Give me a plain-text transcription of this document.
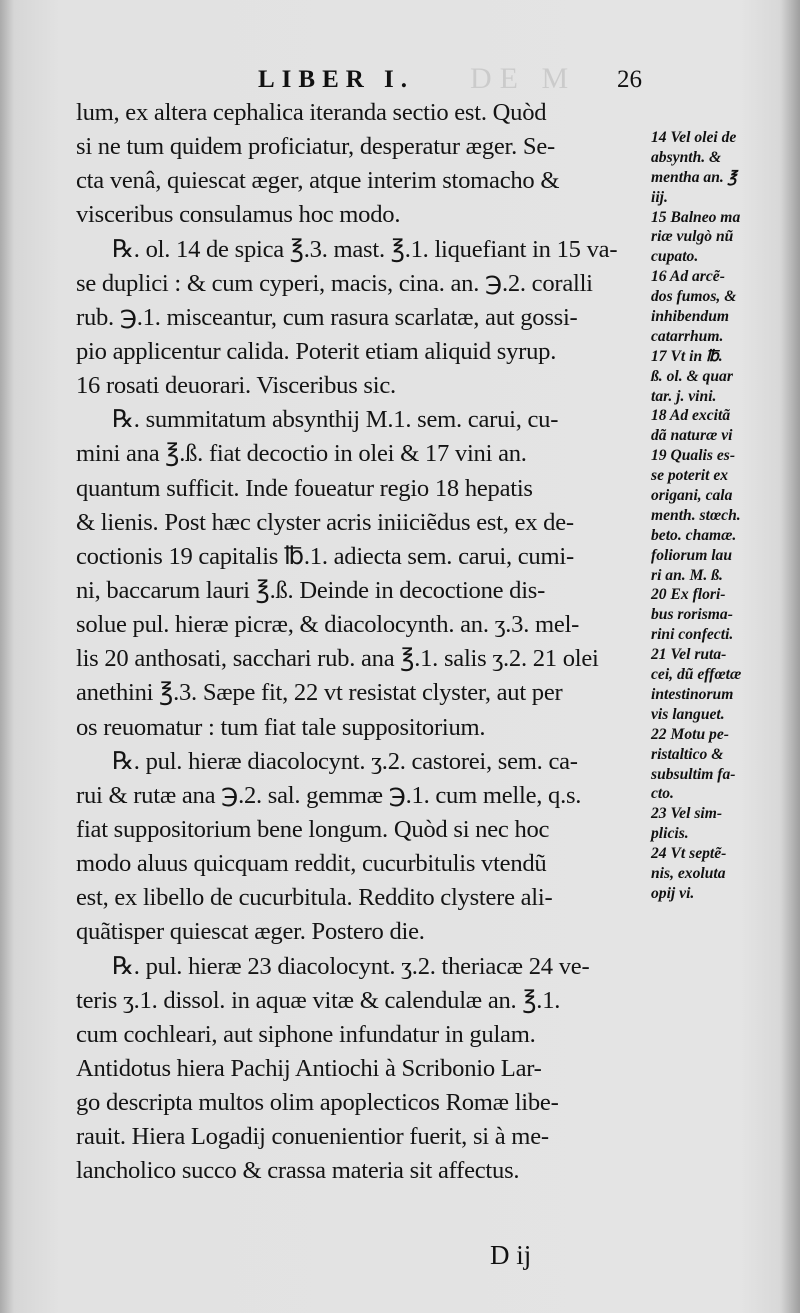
DE M
LIBER I.	26
lum, ex altera cephalica iteranda sectio est. Quòd
si ne tum quidem proficiatur, desperatur æger. Se-
cta venâ, quiescat æger, atque interim stomacho &
visceribus consulamus hoc modo.
℞. ol. 14 de spica ℥.3. mast. ℥.1. liquefiant in 15 va-
se duplici : & cum cyperi, macis, cina. an. ℈.2. coralli
rub. ℈.1. misceantur, cum rasura scarlatæ, aut gossi-
pio applicentur calida. Poterit etiam aliquid syrup.
16 rosati deuorari. Visceribus sic.
℞. summitatum absynthij M.1. sem. carui, cu-
mini ana ℥.ß. fiat decoctio in olei & 17 vini an.
quantum sufficit. Inde foueatur regio 18 hepatis
& lienis. Post hæc clyster acris iniiciẽdus est, ex de-
coctionis 19 capitalis ℔.1. adiecta sem. carui, cumi-
ni, baccarum lauri ℥.ß. Deinde in decoctione dis-
solue pul. hieræ picræ, & diacolocynth. an. ʒ.3. mel-
lis 20 anthosati, sacchari rub. ana ℥.1. salis ʒ.2. 21 olei
anethini ℥.3. Sæpe fit, 22 vt resistat clyster, aut per
os reuomatur : tum fiat tale suppositorium.
℞. pul. hieræ diacolocynt. ʒ.2. castorei, sem. ca-
rui & rutæ ana ℈.2. sal. gemmæ ℈.1. cum melle, q.s.
fiat suppositorium bene longum. Quòd si nec hoc
modo aluus quicquam reddit, cucurbitulis vtendũ
est, ex libello de cucurbitula. Reddito clystere ali-
quãtisper quiescat æger. Postero die.
℞. pul. hieræ 23 diacolocynt. ʒ.2. theriacæ 24 ve-
teris ʒ.1. dissol. in aquæ vitæ & calendulæ an. ℥.1.
cum cochleari, aut siphone infundatur in gulam.
Antidotus hiera Pachij Antiochi à Scribonio Lar-
go descripta multos olim apoplecticos Romæ libe-
rauit. Hiera Logadij conuenientior fuerit, si à me-
lancholico succo & crassa materia sit affectus.
14 Vel olei de
absynth. &
mentha an. ℥
iij.
15 Balneo ma
riæ vulgò nũ
cupato.
16 Ad arcẽ-
dos fumos, &
inhibendum
catarrhum.
17 Vt in ℔.
ß. ol. & quar
tar. j. vini.
18 Ad excitã
dã naturæ vi
19 Qualis es-
se poterit ex
origani, cala
menth. stœch.
beto. chamæ.
foliorum lau
ri an. M. ß.
20 Ex flori-
bus rorisma-
rini confecti.
21 Vel ruta-
cei, dũ effœtæ
intestinorum
vis languet.
22 Motu pe-
ristaltico &
subsultim fa-
cto.
23 Vel sim-
plicis.
24 Vt septẽ-
nis, exoluta
opij vi.
D ij
